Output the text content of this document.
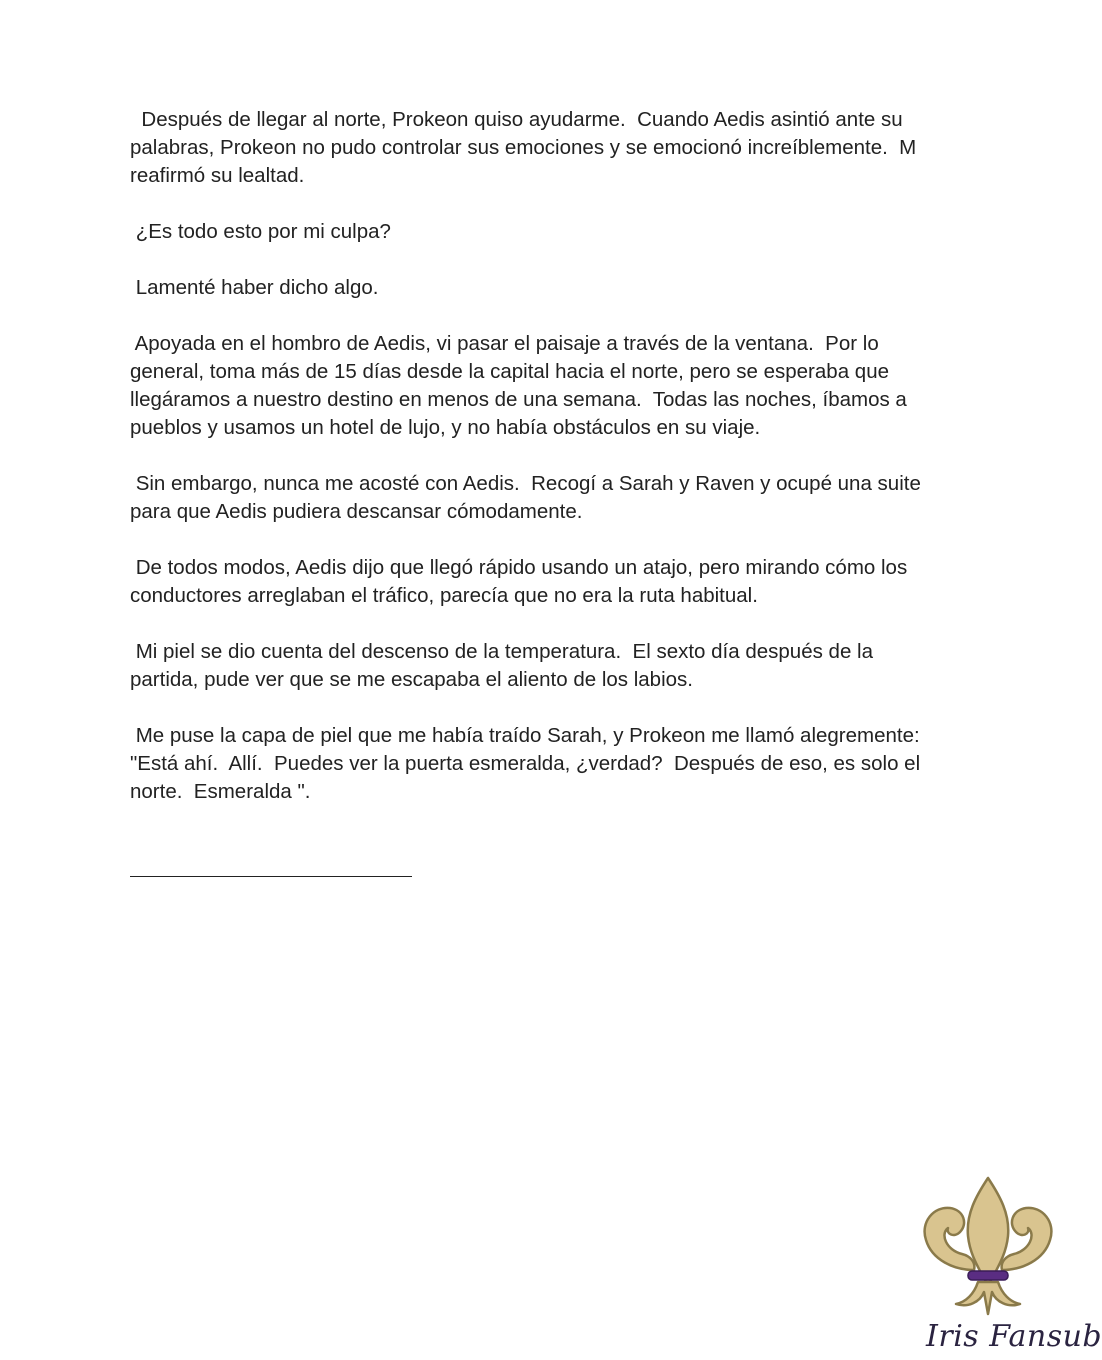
Después de llegar al norte, Prokeon quiso ayudarme.  Cuando Aedis asintió ante su
palabras, Prokeon no pudo controlar sus emociones y se emocionó increíblemente.  M
reafirmó su lealtad.

¿Es todo esto por mi culpa?

Lamenté haber dicho algo.

Apoyada en el hombro de Aedis, vi pasar el paisaje a través de la ventana.  Por lo
general, toma más de 15 días desde la capital hacia el norte, pero se esperaba que
llegáramos a nuestro destino en menos de una semana.  Todas las noches, íbamos a
pueblos y usamos un hotel de lujo, y no había obstáculos en su viaje.

Sin embargo, nunca me acosté con Aedis.  Recogí a Sarah y Raven y ocupé una suite
para que Aedis pudiera descansar cómodamente.

De todos modos, Aedis dijo que llegó rápido usando un atajo, pero mirando cómo los
conductores arreglaban el tráfico, parecía que no era la ruta habitual.

Mi piel se dio cuenta del descenso de la temperatura.  El sexto día después de la
partida, pude ver que se me escapaba el aliento de los labios.

Me puse la capa de piel que me había traído Sarah, y Prokeon me llamó alegremente:
"Está ahí.  Allí.  Puedes ver la puerta esmeralda, ¿verdad?  Después de eso, es solo el
norte.  Esmeralda ".

Iris Fansub
